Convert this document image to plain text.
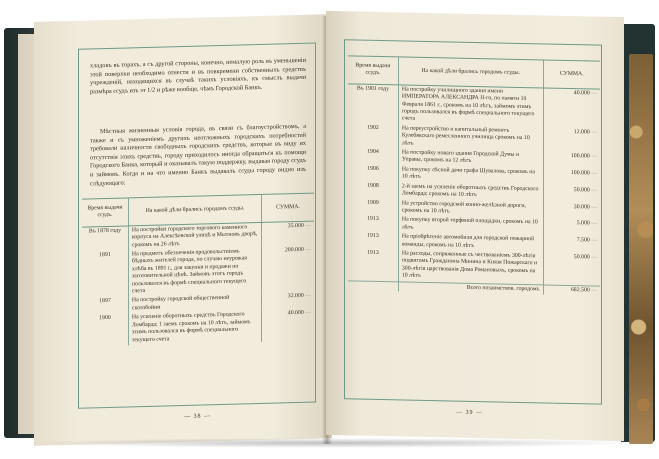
хладокъ въ торахъ, а съ другой стороны, конечно, немалую роль въ уменьшеніи этой поверхки необходимо отнести и въ повкремени собственныхъ средствъ учрежденій, находящихся въ случаѣ такихъ условіяхъ, къ смыслъ выдачи размѣра ссудъ изъ эт 1/2 и рѣже вообще, чѣмъ Городской Банкъ.

Мѣстныя жизненныя условія города, въ связи съ благоустройствомъ, а также и съ умноженіемъ другихъ неотложныхъ городскихъ потребностей требовали наличности свободныхъ городскихъ средствъ, которые въ виду их отсутствія этихъ средствъ, городу приходилось иногда обращаться къ помощи Городского Банка, который и оказывалъ такую поддержку, выдавая городу ссудъ и займовъ. Когда и на что именно Банкъ выдавалъ ссуды городу видно изъ слѣдующаго:

Время выдачи ссудъ.	На какой дѣли брались городомъ ссуды.	СУММА.
Въ 1878 году	На постройки городского торгового каменного корпуса на Алексѣевской улицѣ и Мытновъ дворѣ, срокомъ на 26 лѣтъ	35.000 —
1891	На предметъ обезпеченія продовольствіемъ бѣдныхъ жителей города, по случаю неурожая хлѣба въ 1891 г., для закупки и продажи по заготовительной цѣнѣ. Займовъ этотъ городъ пользовался въ формѣ специального текущего счета	200.000 —
1897	На постройку городской общественной скотобойни	32.000 —
1900	На усиленіе оборотныхъ средствъ Городского Ломбарда; 1 заемъ срокомъ на 10 лѣтъ, займомъ этимъ пользовался въ формѣ специального текущего счета	40.000 —
— 38 —
Время выдачи ссудъ.	На какой дѣли брались городомъ ссуды.	СУММА.
Въ 1901 году	На постройку училищного здания имени ИМПЕРАТОРА АЛЕКСАНДРА II-го, по памяти 19 Февраля 1861 г., срокомъ на 10 лѣтъ, займомъ этимъ городъ пользовался въ формѣ специального текущего счета	40.000 —
1902	На переустройство и капитальный ремонтъ Кулебякскаго ремесленного училища срокомъ на 10 лѣтъ	12.000 —
1904	На постройку новаго здания Городской Думы и Управы, срокомъ на 12 лѣтъ	100.000 —
1906	На покупку лѣсной дачи графа Шувалова, срокомъ на 10 лѣтъ	100.000 —
1908	2-й заемъ на усиленіе оборотныхъ средствъ Городского Ломбарда; срокомъ на 10 лѣтъ	50.000 —
1909	На устройство городской конно-желѣзной дороги, срокомъ на 10 лѣтъ	30.000 —
1913	На покупку второй торфяной площадки, срокомъ на 10 лѣтъ	5.000 —
1913	На пріобрѣтеніе автомобиля для городской пожарной команды, срокомъ на 10 лѣтъ	7.500 —
1913	На расходы, сопряженные съ чествованіемъ 300-лѣтія подвигомъ Гражданина Минина и Князя Пожарскаго и 300-лѣтія царствованія Дома Романовыхъ, срокомъ на 10 лѣтъ	50.000 —
	Всего позаимствов. городомъ	682.500 —
— 39 —
